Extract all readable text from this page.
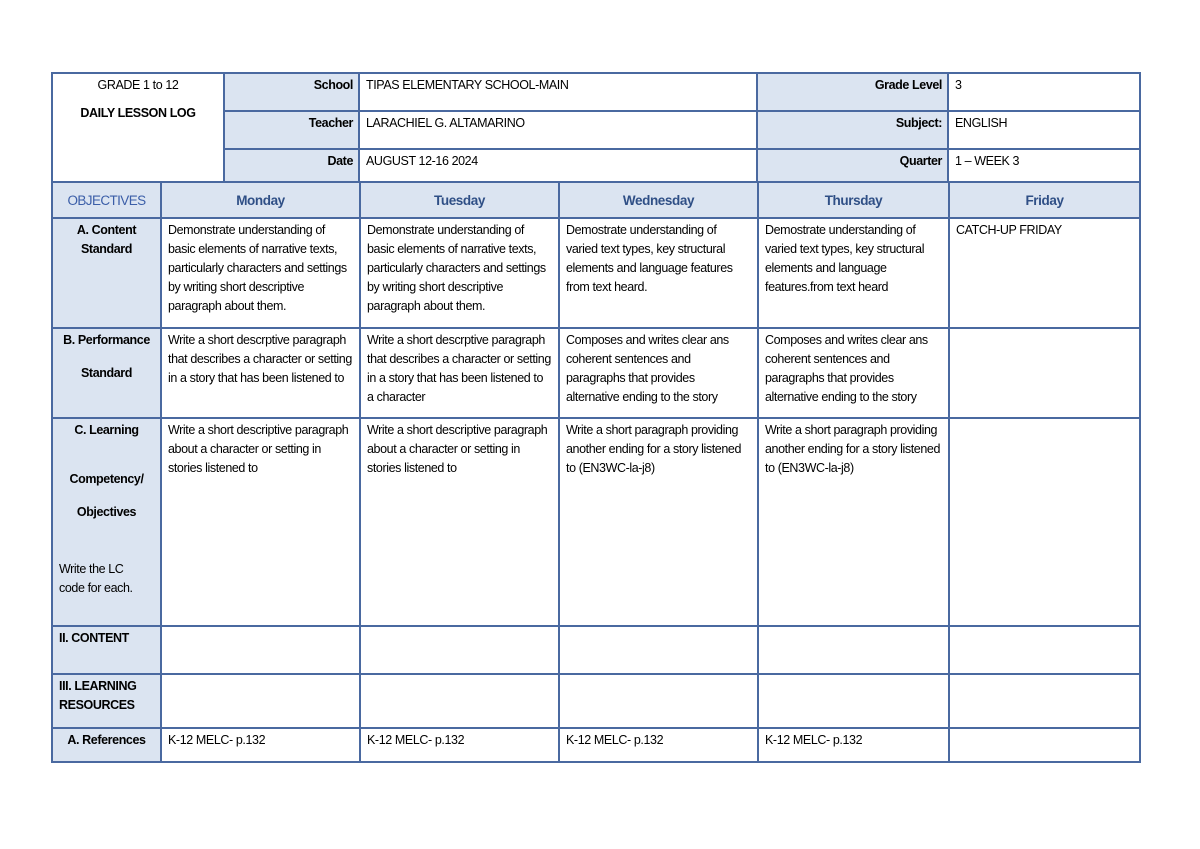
GRADE 1 to 12
DAILY LESSON LOG	School	TIPAS ELEMENTARY SCHOOL-MAIN	Grade Level	3
	Teacher	LARACHIEL G. ALTAMARINO	Subject:	ENGLISH
	Date	AUGUST 12-16 2024	Quarter	1 – WEEK 3
OBJECTIVES	Monday	Tuesday	Wednesday	Thursday	Friday

A. Content
Standard	Demonstrate understanding of basic elements of narrative texts, particularly characters and settings by writing short descriptive paragraph about them.	Demonstrate understanding of basic elements of narrative texts, particularly characters and settings by writing short descriptive paragraph about them.	Demostrate understanding of varied text types, key structural elements and language features from text heard.	Demostrate understanding of varied text types, key structural elements and language features.from text heard	CATCH-UP FRIDAY

B. Performance
Standard	Write a short descrptive paragraph that describes a character or setting in a story that has been listened to	Write a short descrptive paragraph that describes a character or setting in a story that has been listened to a character	Composes and writes clear ans coherent sentences and paragraphs that provides alternative ending to the story	Composes and writes clear ans coherent sentences and paragraphs that provides alternative ending to the story	

C. Learning
Competency/
Objectives
Write the LC
code for each.	Write a short descriptive paragraph about a character or setting in stories listened to	Write a short descriptive paragraph about a character or setting in stories listened to	Write a short paragraph providing another ending for a story listened to (EN3WC-la-j8)	Write a short paragraph providing another ending for a story listened to (EN3WC-la-j8)	
II. CONTENT					

III. LEARNING
RESOURCES					

A. References	K-12 MELC- p.132	K-12 MELC- p.132	K-12 MELC- p.132	K-12 MELC- p.132	
